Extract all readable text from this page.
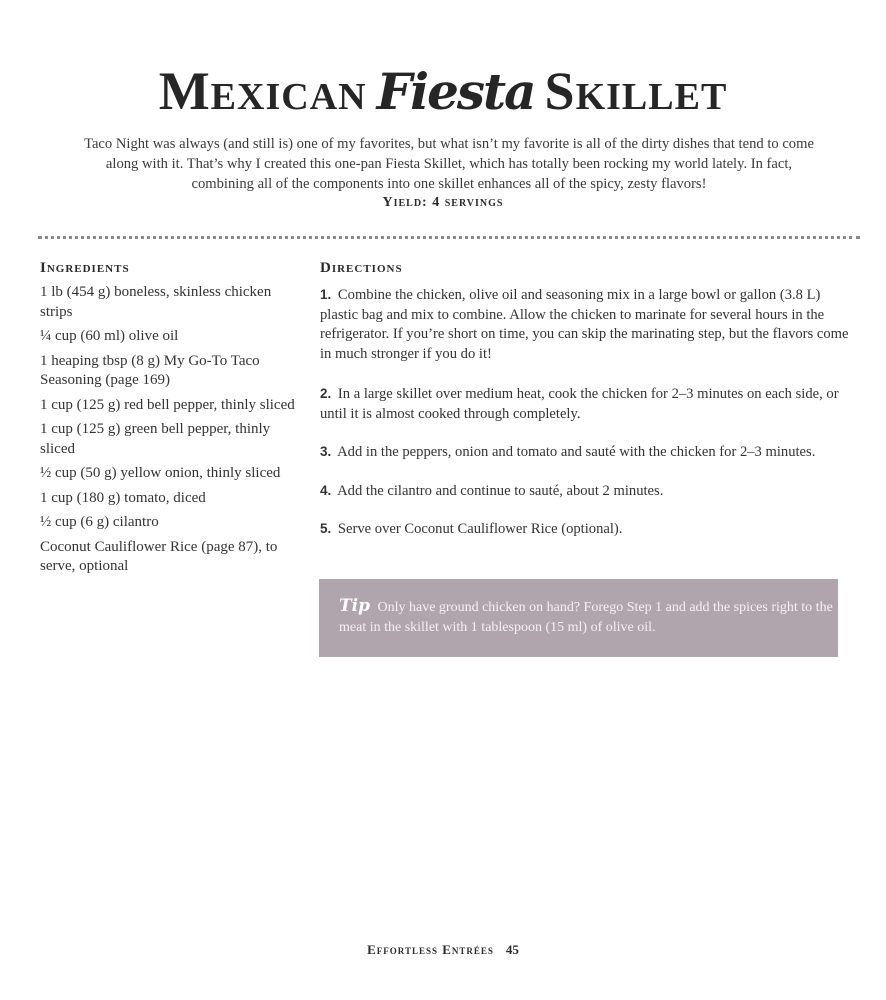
Mexican Fiesta Skillet

Taco Night was always (and still is) one of my favorites, but what isn’t my favorite is all of the dirty dishes that tend to come along with it. That’s why I created this one-pan Fiesta Skillet, which has totally been rocking my world lately. In fact, combining all of the components into one skillet enhances all of the spicy, zesty flavors!

Yield: 4 servings
Ingredients
1 lb (454 g) boneless, skinless chicken strips
¼ cup (60 ml) olive oil
1 heaping tbsp (8 g) My Go-To Taco Seasoning (page 169)
1 cup (125 g) red bell pepper, thinly sliced
1 cup (125 g) green bell pepper, thinly sliced
½ cup (50 g) yellow onion, thinly sliced
1 cup (180 g) tomato, diced
½ cup (6 g) cilantro
Coconut Cauliflower Rice (page 87), to serve, optional
Directions
1. Combine the chicken, olive oil and seasoning mix in a large bowl or gallon (3.8 L) plastic bag and mix to combine. Allow the chicken to marinate for several hours in the refrigerator. If you’re short on time, you can skip the marinating step, but the flavors come in much stronger if you do it!
2. In a large skillet over medium heat, cook the chicken for 2–3 minutes on each side, or until it is almost cooked through completely.
3. Add in the peppers, onion and tomato and sauté with the chicken for 2–3 minutes.
4. Add the cilantro and continue to sauté, about 2 minutes.
5. Serve over Coconut Cauliflower Rice (optional).
Tip Only have ground chicken on hand? Forego Step 1 and add the spices right to the meat in the skillet with 1 tablespoon (15 ml) of olive oil.
Effortless Entrées 45
